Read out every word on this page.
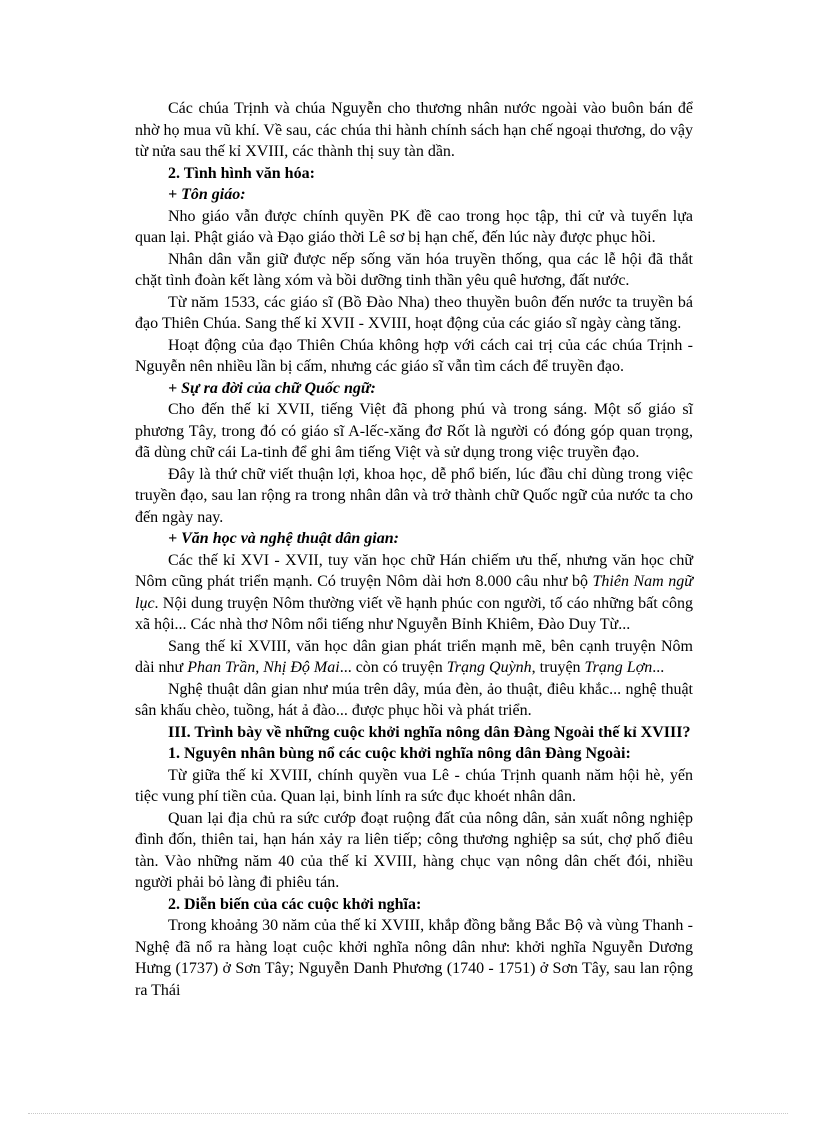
Các chúa Trịnh và chúa Nguyễn cho thương nhân nước ngoài vào buôn bán để nhờ họ mua vũ khí. Về sau, các chúa thi hành chính sách hạn chế ngoại thương, do vậy từ nửa sau thế kỉ XVIII, các thành thị suy tàn dần.

2. Tình hình văn hóa:

+ Tôn giáo:

Nho giáo vẫn được chính quyền PK đề cao trong học tập, thi cử và tuyển lựa quan lại. Phật giáo và Đạo giáo thời Lê sơ bị hạn chế, đến lúc này được phục hồi.

Nhân dân vẫn giữ được nếp sống văn hóa truyền thống, qua các lễ hội đã thắt chặt tình đoàn kết làng xóm và bồi dưỡng tinh thần yêu quê hương, đất nước.

Từ năm 1533, các giáo sĩ (Bồ Đào Nha) theo thuyền buôn đến nước ta truyền bá đạo Thiên Chúa. Sang thế kỉ XVII - XVIII, hoạt động của các giáo sĩ ngày càng tăng.

Hoạt động của đạo Thiên Chúa không hợp với cách cai trị của các chúa Trịnh - Nguyễn nên nhiều lần bị cấm, nhưng các giáo sĩ vẫn tìm cách để truyền đạo.

+ Sự ra đời của chữ Quốc ngữ:

Cho đến thế kỉ XVII, tiếng Việt đã phong phú và trong sáng. Một số giáo sĩ phương Tây, trong đó có giáo sĩ A-lếc-xăng đơ Rốt là người có đóng góp quan trọng, đã dùng chữ cái La-tinh để ghi âm tiếng Việt và sử dụng trong việc truyền đạo.

Đây là thứ chữ viết thuận lợi, khoa học, dễ phổ biến, lúc đầu chỉ dùng trong việc truyền đạo, sau lan rộng ra trong nhân dân và trở thành chữ Quốc ngữ của nước ta cho đến ngày nay.

+ Văn học và nghệ thuật dân gian:

Các thế kỉ XVI - XVII, tuy văn học chữ Hán chiếm ưu thế, nhưng văn học chữ Nôm cũng phát triển mạnh. Có truyện Nôm dài hơn 8.000 câu như bộ Thiên Nam ngữ lục. Nội dung truyện Nôm thường viết về hạnh phúc con người, tố cáo những bất công xã hội... Các nhà thơ Nôm nổi tiếng như Nguyễn Bỉnh Khiêm, Đào Duy Từ...

Sang thế kỉ XVIII, văn học dân gian phát triển mạnh mẽ, bên cạnh truyện Nôm dài như Phan Trần, Nhị Độ Mai... còn có truyện Trạng Quỳnh, truyện Trạng Lợn...

Nghệ thuật dân gian như múa trên dây, múa đèn, ảo thuật, điêu khắc... nghệ thuật sân khấu chèo, tuồng, hát ả đào... được phục hồi và phát triển.

III. Trình bày về những cuộc khởi nghĩa nông dân Đàng Ngoài thế kỉ XVIII?

1. Nguyên nhân bùng nổ các cuộc khởi nghĩa nông dân Đàng Ngoài:

Từ giữa thế kỉ XVIII, chính quyền vua Lê - chúa Trịnh quanh năm hội hè, yến tiệc vung phí tiền của. Quan lại, binh lính ra sức đục khoét nhân dân.

Quan lại địa chủ ra sức cướp đoạt ruộng đất của nông dân, sản xuất nông nghiệp đình đốn, thiên tai, hạn hán xảy ra liên tiếp; công thương nghiệp sa sút, chợ phố điêu tàn. Vào những năm 40 của thế kỉ XVIII, hàng chục vạn nông dân chết đói, nhiều người phải bỏ làng đi phiêu tán.

2. Diễn biến của các cuộc khởi nghĩa:

Trong khoảng 30 năm của thế kỉ XVIII, khắp đồng bằng Bắc Bộ và vùng Thanh - Nghệ đã nổ ra hàng loạt cuộc khởi nghĩa nông dân như: khởi nghĩa Nguyễn Dương Hưng (1737) ở Sơn Tây; Nguyễn Danh Phương (1740 - 1751) ở Sơn Tây, sau lan rộng ra Thái
